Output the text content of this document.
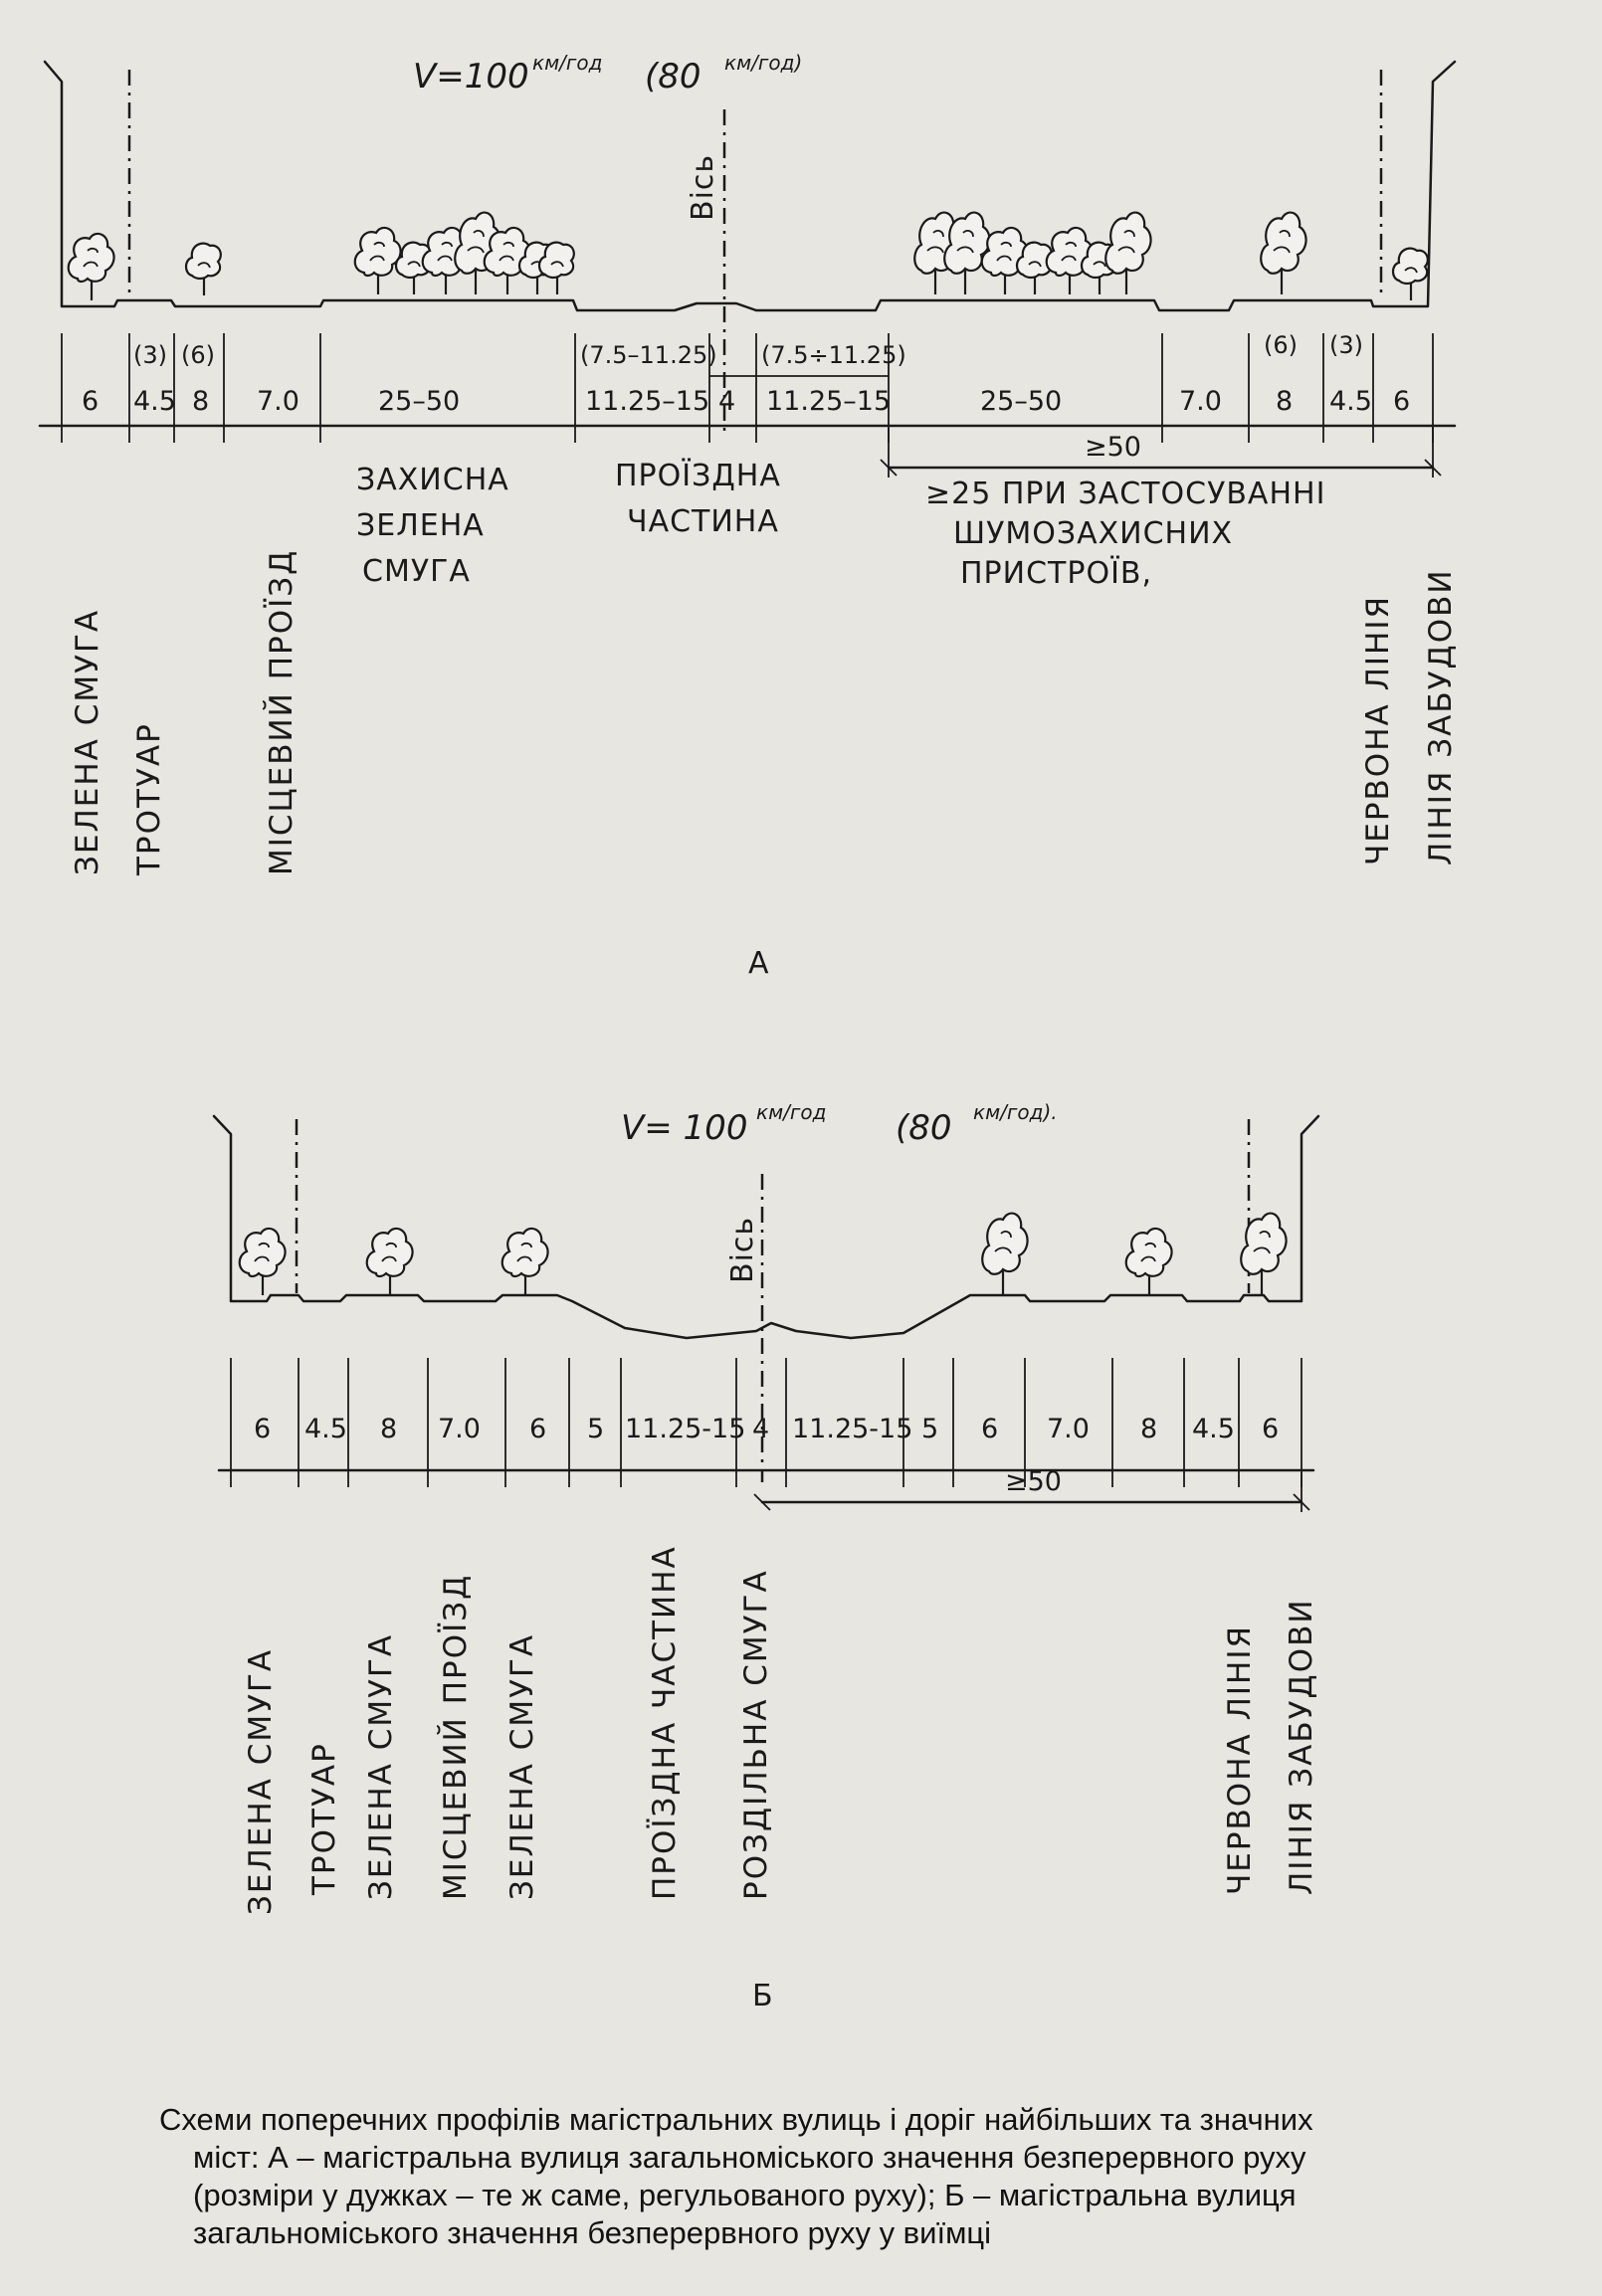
V=100 км/год (80 км/год)
Вісь
6 4.5 8 7.0	25–50	11.25–15 4 11.25–15	25–50	7.0 8 4.5 6
(3) (6)	(7.5–11.25) (7.5÷11.25)	(6) (3)
≥50
ЗАХИСНА
ЗЕЛЕНА
СМУГА
ПРОЇЗДНА
ЧАСТИНА
≥25 ПРИ ЗАСТОСУВАННІ
ШУМОЗАХИСНИХ
ПРИСТРОЇВ,
ЗЕЛЕНА СМУГА ТРОТУАР	МІСЦЕВИЙ ПРОЇЗД	ЧЕРВОНА ЛІНІЯ ЛІНІЯ ЗАБУДОВИ
А
V= 100 км/год (80 км/год).
Вісь
6 4.5 8 7.0 6 5 11.25-15 4 11.25-15 5 6 7.0 8 4.5 6
≥50
ЗЕЛЕНА СМУГА ТРОТУАР ЗЕЛЕНА СМУГА МІСЦЕВИЙ ПРОЇЗД ЗЕЛЕНА СМУГА	ПРОЇЗДНА ЧАСТИНА РОЗДІЛЬНА СМУГА	ЧЕРВОНА ЛІНІЯ ЛІНІЯ ЗАБУДОВИ
Б
Схеми поперечних профілів магістральних вулиць і доріг найбільших та значних
міст: А – магістральна вулиця загальноміського значення безперервного руху
(розміри у дужках – те ж саме, регульованого руху); Б – магістральна вулиця
загальноміського значення безперервного руху у виїмці
